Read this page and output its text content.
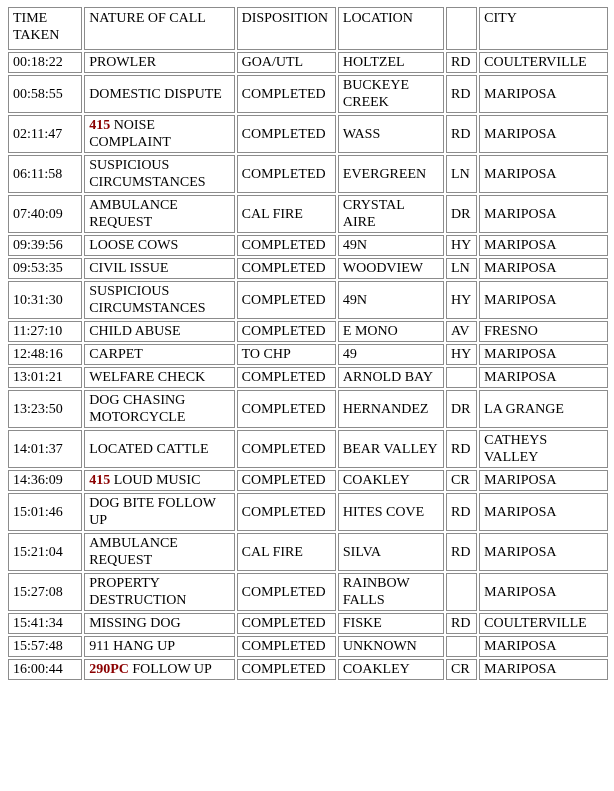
TIME TAKEN	NATURE OF CALL	DISPOSITION	LOCATION		CITY
00:18:22	PROWLER	GOA/UTL	HOLTZEL	RD	COULTERVILLE
00:58:55	DOMESTIC DISPUTE	COMPLETED	BUCKEYE CREEK	RD	MARIPOSA
02:11:47	415 NOISE COMPLAINT	COMPLETED	WASS	RD	MARIPOSA
06:11:58	SUSPICIOUS CIRCUMSTANCES	COMPLETED	EVERGREEN	LN	MARIPOSA
07:40:09	AMBULANCE REQUEST	CAL FIRE	CRYSTAL AIRE	DR	MARIPOSA
09:39:56	LOOSE COWS	COMPLETED	49N	HY	MARIPOSA
09:53:35	CIVIL ISSUE	COMPLETED	WOODVIEW	LN	MARIPOSA
10:31:30	SUSPICIOUS CIRCUMSTANCES	COMPLETED	49N	HY	MARIPOSA
11:27:10	CHILD ABUSE	COMPLETED	E MONO	AV	FRESNO
12:48:16	CARPET	TO CHP	49	HY	MARIPOSA
13:01:21	WELFARE CHECK	COMPLETED	ARNOLD BAY		MARIPOSA
13:23:50	DOG CHASING MOTORCYCLE	COMPLETED	HERNANDEZ	DR	LA GRANGE
14:01:37	LOCATED CATTLE	COMPLETED	BEAR VALLEY	RD	CATHEYS VALLEY
14:36:09	415 LOUD MUSIC	COMPLETED	COAKLEY	CR	MARIPOSA
15:01:46	DOG BITE FOLLOW UP	COMPLETED	HITES COVE	RD	MARIPOSA
15:21:04	AMBULANCE REQUEST	CAL FIRE	SILVA	RD	MARIPOSA
15:27:08	PROPERTY DESTRUCTION	COMPLETED	RAINBOW FALLS		MARIPOSA
15:41:34	MISSING DOG	COMPLETED	FISKE	RD	COULTERVILLE
15:57:48	911 HANG UP	COMPLETED	UNKNOWN		MARIPOSA
16:00:44	290PC FOLLOW UP	COMPLETED	COAKLEY	CR	MARIPOSA
